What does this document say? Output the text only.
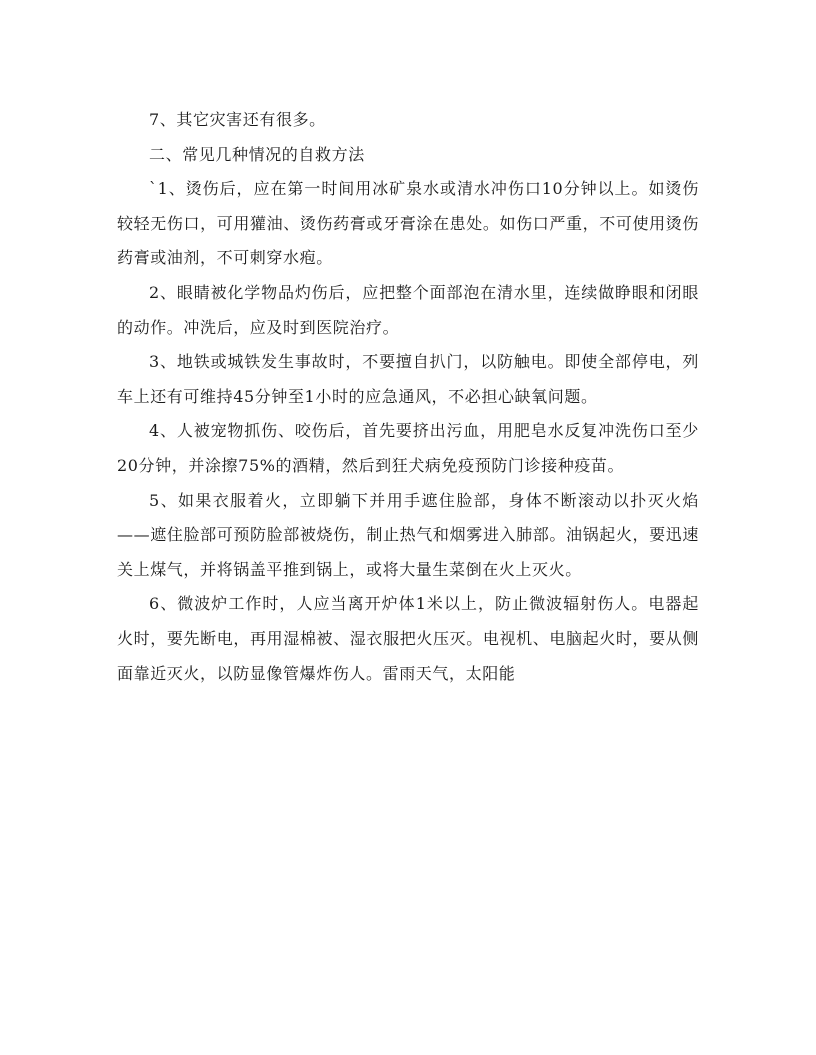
7、其它灾害还有很多。

二、常见几种情况的自救方法

`1、烫伤后，应在第一时间用冰矿泉水或清水冲伤口10分钟以上。如烫伤较轻无伤口，可用獾油、烫伤药膏或牙膏涂在患处。如伤口严重，不可使用烫伤药膏或油剂，不可刺穿水疱。

2、眼睛被化学物品灼伤后，应把整个面部泡在清水里，连续做睁眼和闭眼的动作。冲洗后，应及时到医院治疗。

3、地铁或城铁发生事故时，不要擅自扒门，以防触电。即使全部停电，列车上还有可维持45分钟至1小时的应急通风，不必担心缺氧问题。

4、人被宠物抓伤、咬伤后，首先要挤出污血，用肥皂水反复冲洗伤口至少20分钟，并涂擦75%的酒精，然后到狂犬病免疫预防门诊接种疫苗。

5、如果衣服着火，立即躺下并用手遮住脸部，身体不断滚动以扑灭火焰——遮住脸部可预防脸部被烧伤，制止热气和烟雾进入肺部。油锅起火，要迅速关上煤气，并将锅盖平推到锅上，或将大量生菜倒在火上灭火。

6、微波炉工作时，人应当离开炉体1米以上，防止微波辐射伤人。电器起火时，要先断电，再用湿棉被、湿衣服把火压灭。电视机、电脑起火时，要从侧面靠近灭火，以防显像管爆炸伤人。雷雨天气，太阳能
